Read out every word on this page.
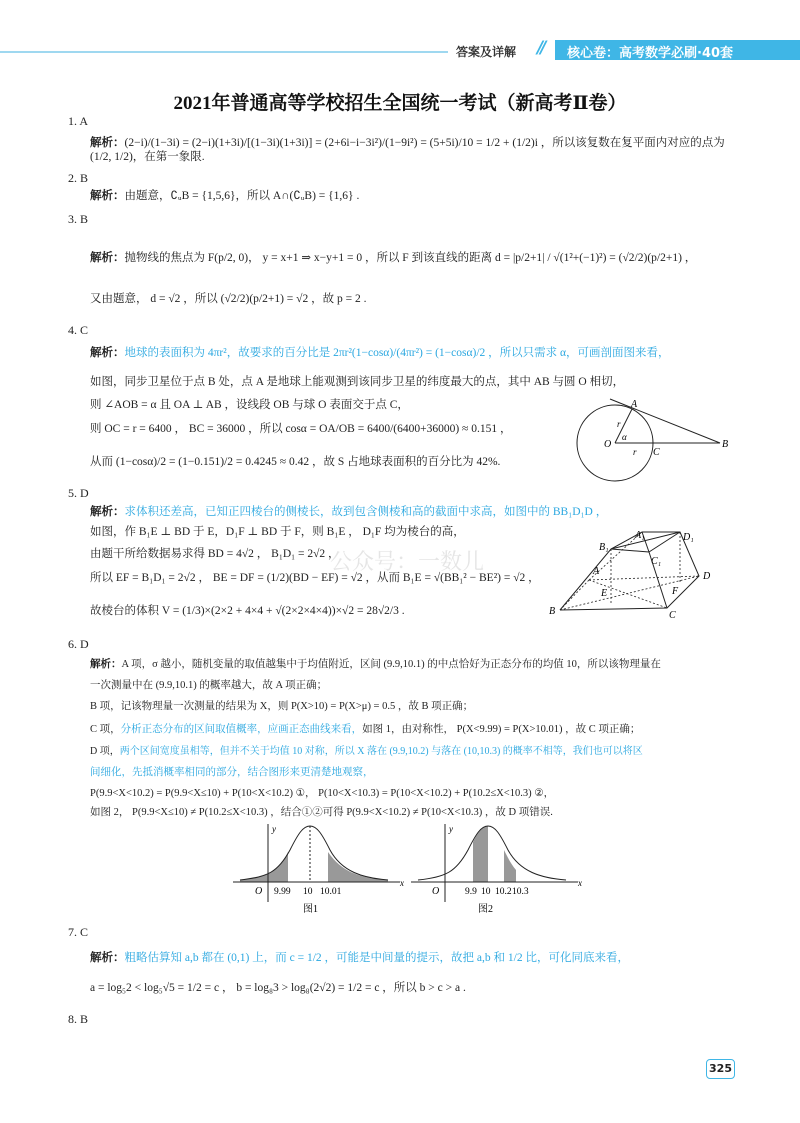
答案及详解 // 核心卷：高考数学必刷·40套
2021年普通高等学校招生全国统一考试（新高考Ⅱ卷）
1. A
解析：(2−i)/(1−3i) = (2−i)(1+3i)/[(1−3i)(1+3i)] = (2+6i−i−3i²)/(1−9i²) = (5+5i)/10 = 1/2 + (1/2)i ，所以该复数在复平面内对应的点为 (1/2, 1/2)，在第一象限.
2. B
解析：由题意，∁ᵤB = {1,5,6}，所以 A∩(∁ᵤB) = {1,6} .
3. B
解析：抛物线的焦点为 F(p/2, 0)， y = x+1 ⇒ x−y+1 = 0 ，所以 F 到该直线的距离 d = |p/2+1| / √(1²+(−1)²) = (√2/2)(p/2+1) ，
又由题意， d = √2 ，所以 (√2/2)(p/2+1) = √2 ，故 p = 2 .
4. C
解析：地球的表面积为 4πr²，故要求的百分比是 2πr²(1−cosα)/(4πr²) = (1−cosα)/2 ，所以只需求 α，可画剖面图来看，
如图，同步卫星位于点 B 处，点 A 是地球上能观测到该同步卫星的纬度最大的点，其中 AB 与圆 O 相切，
则 ∠AOB = α 且 OA ⊥ AB ，设线段 OB 与球 O 表面交于点 C，
则 OC = r = 6400 ， BC = 36000 ，所以 cosα = OA/OB = 6400/(6400+36000) ≈ 0.151 ，
从而 (1−cosα)/2 = (1−0.151)/2 = 0.4245 ≈ 0.42 ，故 S 占地球表面积的百分比为 42%.
A
B
C
O
r
r
α
5. D
解析：求体积还差高，已知正四棱台的侧棱长，故到包含侧棱和高的截面中求高，如图中的 BB₁D₁D ，
如图，作 B₁E ⊥ BD 于 E，D₁F ⊥ BD 于 F，则 B₁E ， D₁F 均为棱台的高，
由题干所给数据易求得 BD = 4√2 ， B₁D₁ = 2√2 ，
所以 EF = B₁D₁ = 2√2 ， BE = DF = (1/2)(BD − EF) = √2 ，从而 B₁E = √(BB₁² − BE²) = √2 ，
故棱台的体积 V = (1/3)×(2×2 + 4×4 + √(2×2×4×4))×√2 = 28√2/3 .
公众号：一数儿
A₁	D₁
B₁
C₁
A	D
E	F
B	C
6. D
解析：A 项，σ 越小，随机变量的取值越集中于均值附近，区间 (9.9,10.1) 的中点恰好为正态分布的均值 10，所以该物理量在
一次测量中在 (9.9,10.1) 的概率越大，故 A 项正确；
B 项，记该物理量一次测量的结果为 X，则 P(X>10) = P(X>μ) = 0.5 ，故 B 项正确；
C 项，分析正态分布的区间取值概率，应画正态曲线来看，如图 1，由对称性， P(X<9.99) = P(X>10.01) ，故 C 项正确；
D 项，两个区间宽度虽相等，但并不关于均值 10 对称，所以 X 落在 (9.9,10.2) 与落在 (10,10.3) 的概率不相等，我们也可以将区
间细化，先抵消概率相同的部分，结合图形来更清楚地观察，
P(9.9<X<10.2) = P(9.9<X≤10) + P(10<X<10.2) ①， P(10<X<10.3) = P(10<X<10.2) + P(10.2≤X<10.3) ②，
如图 2， P(9.9<X≤10) ≠ P(10.2≤X<10.3) ，结合①②可得 P(9.9<X<10.2) ≠ P(10<X<10.3) ，故 D 项错误.
y
x
O 9.99 10 10.01
图1
y
x
O	9.9 10 10.2 10.3
图2
7. C
解析：粗略估算知 a,b 都在 (0,1) 上，而 c = 1/2 ，可能是中间量的提示，故把 a,b 和 1/2 比，可化同底来看，
a = log₅2 < log₅√5 = 1/2 = c ， b = log₈3 > log₈(2√2) = 1/2 = c ，所以 b > c > a .
8. B
325
